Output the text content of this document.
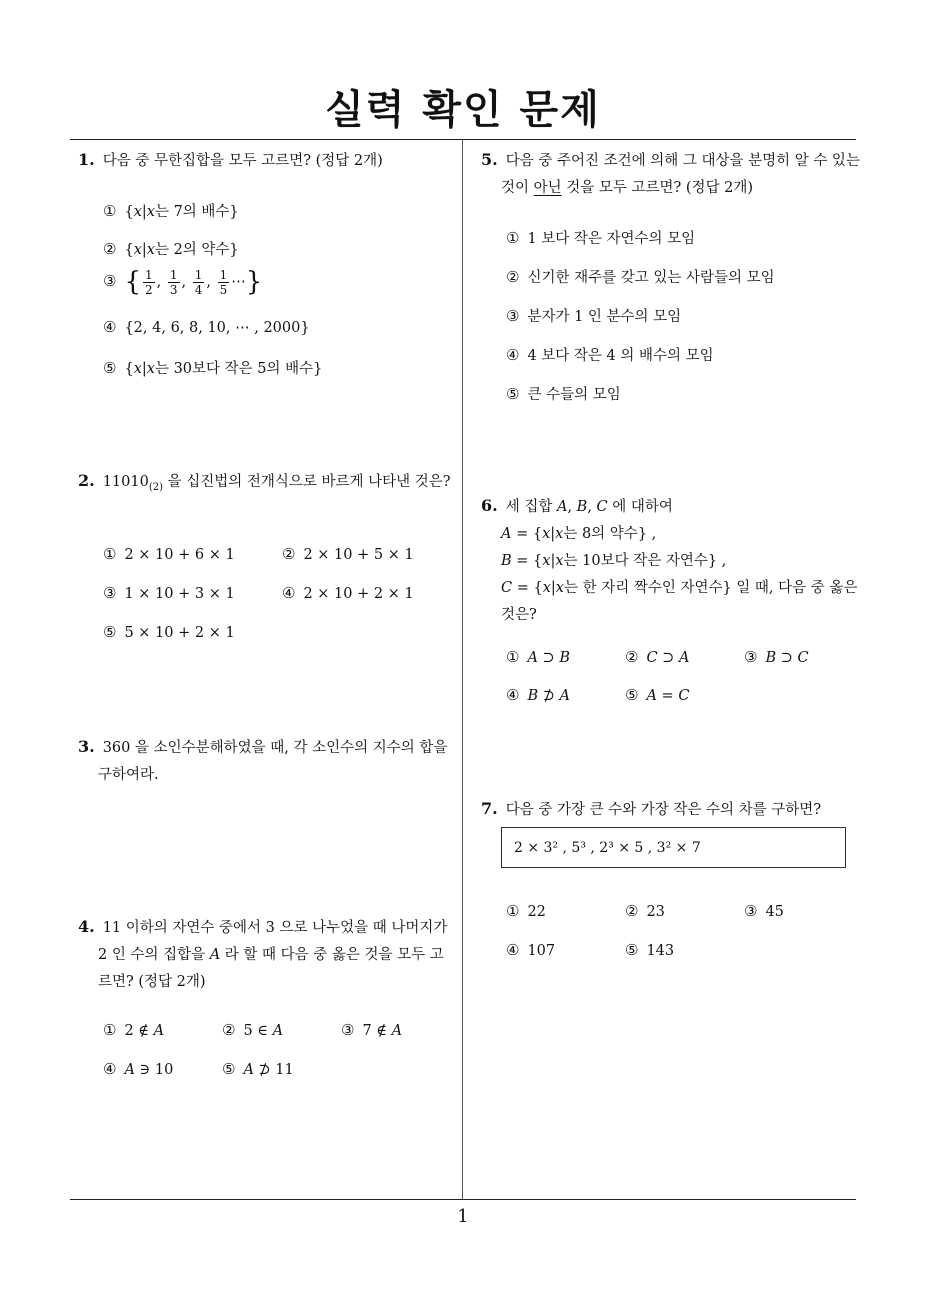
실력 확인 문제
1. 다음 중 무한집합을 모두 고르면? (정답 2개)
① {x|x는 7의 배수}
② {x|x는 2의 약수}
③ { $\frac{1}{2}$ , $\frac{1}{3}$ , $\frac{1}{4}$ , $\frac{1}{5}$ ⋯}
④ {2, 4, 6, 8, 10, ⋯ , 2000}
⑤ {x|x는 30보다 작은 5의 배수}
2. $11010_{(2)}$ 을 십진법의 전개식으로 바르게 나타낸 것은?
① 2 × 10 + 6 × 1	② 2 × 10 + 5 × 1
③ 1 × 10 + 3 × 1	④ 2 × 10 + 2 × 1
⑤ 5 × 10 + 2 × 1
3. 360 을 소인수분해하였을 때, 각 소인수의 지수의 합을 구하여라.
4. 11 이하의 자연수 중에서 3 으로 나누었을 때 나머지가 2 인 수의 집합을 A 라 할 때 다음 중 옳은 것을 모두 고르면? (정답 2개)
① 2 ∉ A	② 5 ∈ A	③ 7 ∉ A
④ A ∋ 10	⑤ A ⊅ 11
5. 다음 중 주어진 조건에 의해 그 대상을 분명히 알 수 있는 것이 아닌 것을 모두 고르면? (정답 2개)
① 1 보다 작은 자연수의 모임
② 신기한 재주를 갖고 있는 사람들의 모임
③ 분자가 1 인 분수의 모임
④ 4 보다 작은 4 의 배수의 모임
⑤ 큰 수들의 모임
6. 세 집합 A, B, C 에 대하여
A = {x|x는 8의 약수} ,
B = {x|x는 10보다 작은 자연수} ,
C = {x|x는 한 자리 짝수인 자연수} 일 때, 다음 중 옳은 것은?
① A ⊃ B	② C ⊃ A	③ B ⊃ C
④ B ⊅ A	⑤ A = C
7. 다음 중 가장 큰 수와 가장 작은 수의 차를 구하면?
2 × 3² , 5³ , 2³ × 5 , 3² × 7
① 22	② 23	③ 45
④ 107	⑤ 143
1
